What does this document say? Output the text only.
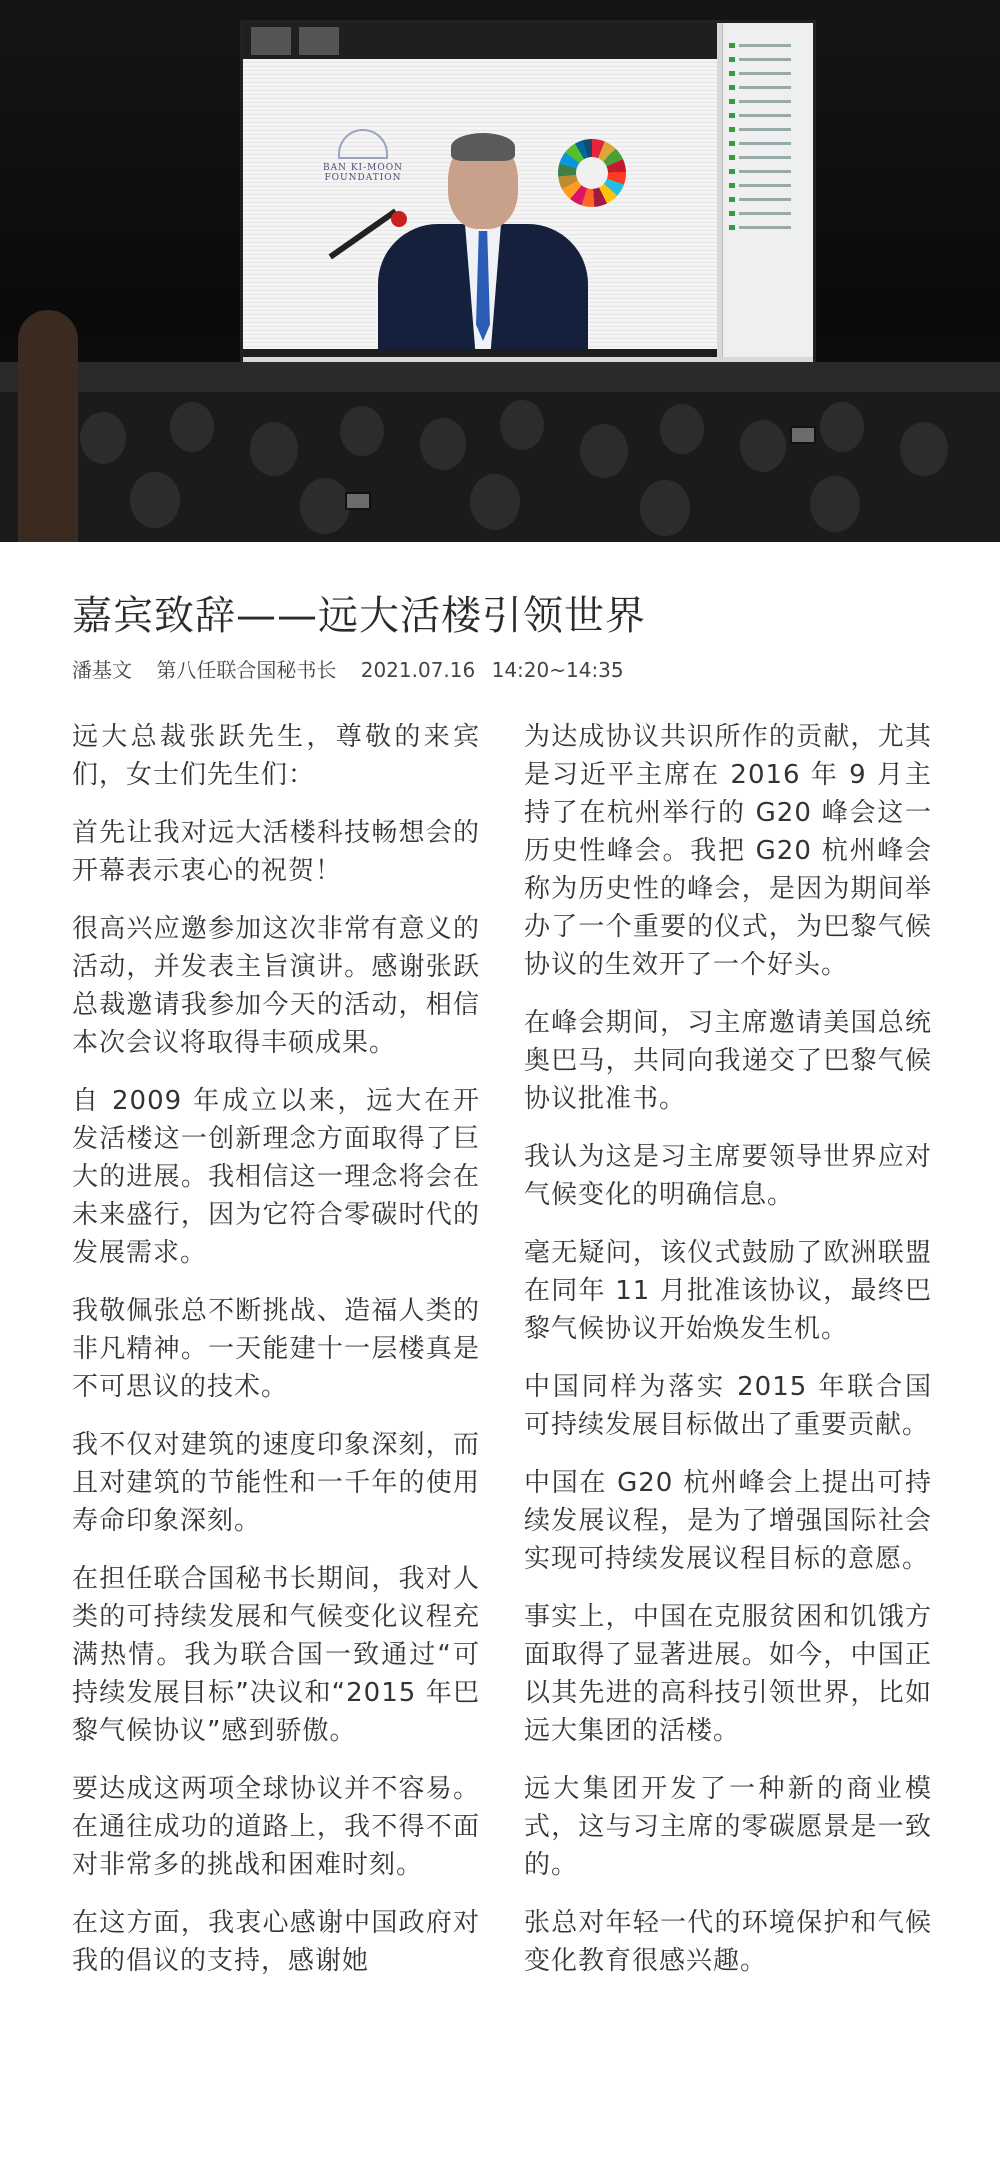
BAN KI-MOON FOUNDATION
嘉宾致辞——远大活楼引领世界
潘基文 第八任联合国秘书长 2021.07.16 14:20~14:35

远大总裁张跃先生，尊敬的来宾们，女士们先生们：

首先让我对远大活楼科技畅想会的开幕表示衷心的祝贺！

很高兴应邀参加这次非常有意义的活动，并发表主旨演讲。感谢张跃总裁邀请我参加今天的活动，相信本次会议将取得丰硕成果。

自 2009 年成立以来，远大在开发活楼这一创新理念方面取得了巨大的进展。我相信这一理念将会在未来盛行，因为它符合零碳时代的发展需求。

我敬佩张总不断挑战、造福人类的非凡精神。一天能建十一层楼真是不可思议的技术。

我不仅对建筑的速度印象深刻，而且对建筑的节能性和一千年的使用寿命印象深刻。

在担任联合国秘书长期间，我对人类的可持续发展和气候变化议程充满热情。我为联合国一致通过“可持续发展目标”决议和“2015 年巴黎气候协议”感到骄傲。

要达成这两项全球协议并不容易。在通往成功的道路上，我不得不面对非常多的挑战和困难时刻。

在这方面，我衷心感谢中国政府对我的倡议的支持，感谢她

为达成协议共识所作的贡献，尤其是习近平主席在 2016 年 9 月主持了在杭州举行的 G20 峰会这一历史性峰会。我把 G20 杭州峰会称为历史性的峰会，是因为期间举办了一个重要的仪式，为巴黎气候协议的生效开了一个好头。

在峰会期间，习主席邀请美国总统奥巴马，共同向我递交了巴黎气候协议批准书。

我认为这是习主席要领导世界应对气候变化的明确信息。

毫无疑问，该仪式鼓励了欧洲联盟在同年 11 月批准该协议，最终巴黎气候协议开始焕发生机。

中国同样为落实 2015 年联合国可持续发展目标做出了重要贡献。

中国在 G20 杭州峰会上提出可持续发展议程，是为了增强国际社会实现可持续发展议程目标的意愿。

事实上，中国在克服贫困和饥饿方面取得了显著进展。如今，中国正以其先进的高科技引领世界，比如远大集团的活楼。

远大集团开发了一种新的商业模式，这与习主席的零碳愿景是一致的。

张总对年轻一代的环境保护和气候变化教育很感兴趣。
